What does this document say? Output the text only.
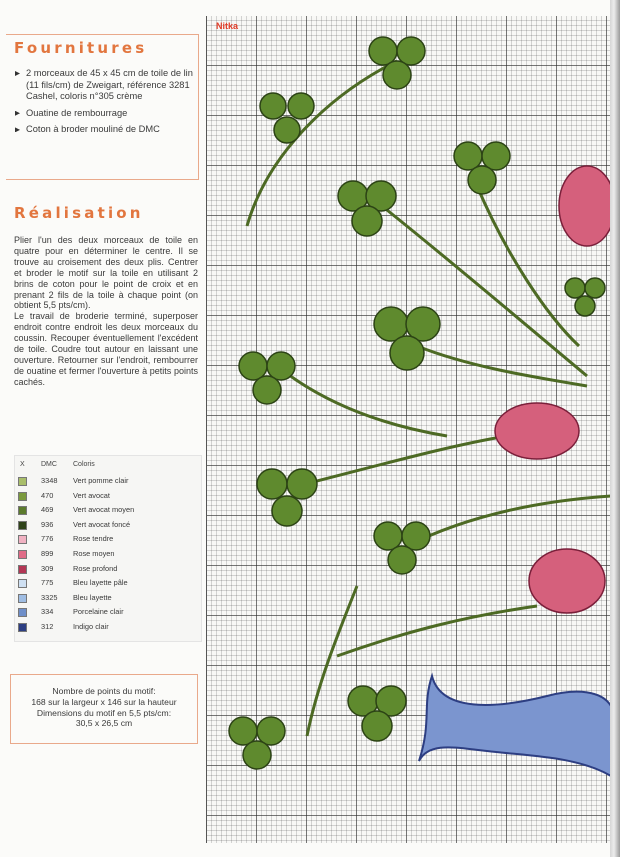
Fournitures
2 morceaux de 45 x 45 cm de toile de lin (11 fils/cm) de Zweigart, référence 3281 Cashel, coloris n°305 crème
Ouatine de rembourrage
Coton à broder mouliné de DMC
Réalisation

Plier l'un des deux morceaux de toile en quatre pour en déterminer le centre. Il se trouve au croisement des deux plis. Centrer et broder le motif sur la toile en utilisant 2 brins de coton pour le point de croix et en prenant 2 fils de la toile à chaque point (on obtient 5,5 pts/cm).

Le travail de broderie terminé, superposer endroit contre endroit les deux morceaux du coussin. Recouper éventuellement l'excédent de toile. Coudre tout autour en laissant une ouverture. Retourner sur l'endroit, rembourrer de ouatine et fermer l'ouverture à petits points cachés.

X DMC Coloris
3348 Vert pomme clair
470	Vert avocat
469	Vert avocat moyen
936	Vert avocat foncé
776	Rose tendre
899	Rose moyen
309	Rose profond
775	Bleu layette pâle
3325 Bleu layette
334	Porcelaine clair
312	Indigo clair
Nombre de points du motif:
168 sur la largeur x 146 sur la hauteur
Dimensions du motif en 5,5 pts/cm:
30,5 x 26,5 cm
Nitka
